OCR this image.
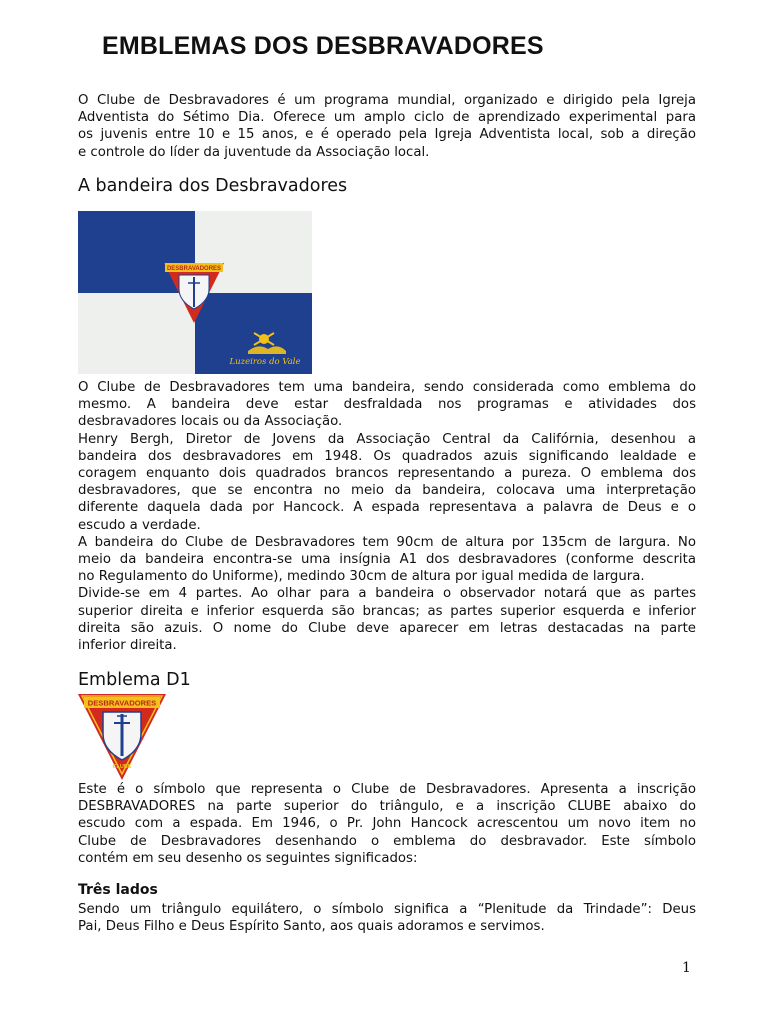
EMBLEMAS DOS DESBRAVADORES

O Clube de Desbravadores é um programa mundial, organizado e dirigido pela Igreja
Adventista do Sétimo Dia. Oferece um amplo ciclo de aprendizado experimental para
os juvenis entre 10 e 15 anos, e é operado pela Igreja Adventista local, sob a direção
e controle do líder da juventude da Associação local.

A bandeira dos Desbravadores
DESBRAVADORES
Luzeiros do Vale

O Clube de Desbravadores tem uma bandeira, sendo considerada como emblema do
mesmo. A bandeira deve estar desfraldada nos programas e atividades dos
desbravadores locais ou da Associação.
Henry Bergh, Diretor de Jovens da Associação Central da Califórnia, desenhou a
bandeira dos desbravadores em 1948. Os quadrados azuis significando lealdade e
coragem enquanto dois quadrados brancos representando a pureza. O emblema dos
desbravadores, que se encontra no meio da bandeira, colocava uma interpretação
diferente daquela dada por Hancock. A espada representava a palavra de Deus e o
escudo a verdade.
A bandeira do Clube de Desbravadores tem 90cm de altura por 135cm de largura. No
meio da bandeira encontra-se uma insígnia A1 dos desbravadores (conforme descrita
no Regulamento do Uniforme), medindo 30cm de altura por igual medida de largura.
Divide-se em 4 partes. Ao olhar para a bandeira o observador notará que as partes
superior direita e inferior esquerda são brancas; as partes superior esquerda e inferior
direita são azuis. O nome do Clube deve aparecer em letras destacadas na parte
inferior direita.

Emblema D1
DESBRAVADORES
CLUBE

Este é o símbolo que representa o Clube de Desbravadores. Apresenta a inscrição
DESBRAVADORES na parte superior do triângulo, e a inscrição CLUBE abaixo do
escudo com a espada. Em 1946, o Pr. John Hancock acrescentou um novo item no
Clube de Desbravadores desenhando o emblema do desbravador. Este símbolo
contém em seu desenho os seguintes significados:

Três lados

Sendo um triângulo equilátero, o símbolo significa a “Plenitude da Trindade”: Deus
Pai, Deus Filho e Deus Espírito Santo, aos quais adoramos e servimos.

1
